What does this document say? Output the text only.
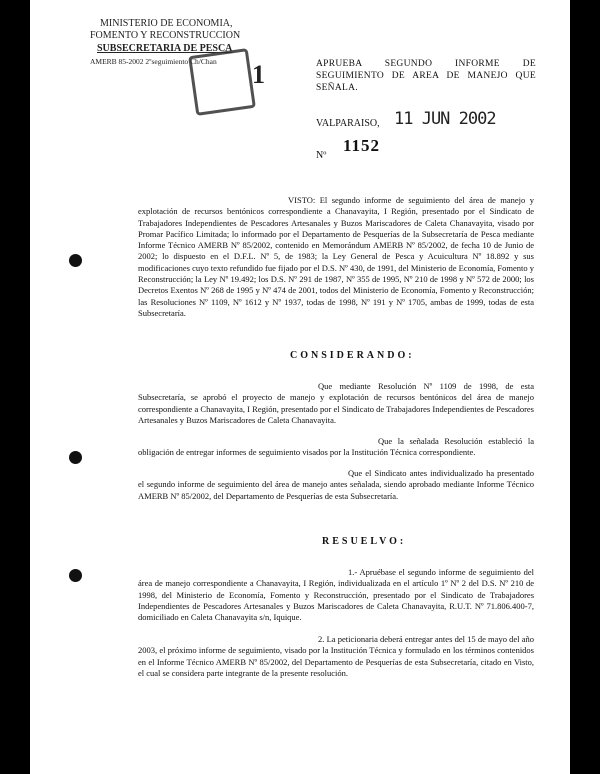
MINISTERIO DE ECONOMIA,
FOMENTO Y RECONSTRUCCION
SUBSECRETARIA DE PESCA
AMERB 85-2002 2ºseguimiento Ch/Chan 1	APRUEBA SEGUNDO INFORME DE SEGUIMIENTO DE AREA DE MANEJO QUE SEÑALA.
VALPARAISO, 11 JUN 2002
Nº
1152
VISTO: El segundo informe de seguimiento del área de manejo y explotación de recursos bentónicos correspondiente a Chanavayita, I Región, presentado por el Sindicato de Trabajadores Independientes de Pescadores Artesanales y Buzos Mariscadores de Caleta Chanavayita, visado por Promar Pacífico Limitada; lo informado por el Departamento de Pesquerías de la Subsecretaría de Pesca mediante Informe Técnico AMERB Nº 85/2002, contenido en Memorándum AMERB Nº 85/2002, de fecha 10 de Junio de 2002; lo dispuesto en el D.F.L. Nº 5, de 1983; la Ley General de Pesca y Acuicultura Nº 18.892 y sus modificaciones cuyo texto refundido fue fijado por el D.S. Nº 430, de 1991, del Ministerio de Economía, Fomento y Reconstrucción; la Ley Nº 19.492; los D.S. Nº 291 de 1987, Nº 355 de 1995, Nº 210 de 1998 y Nº 572 de 2000; los Decretos Exentos Nº 268 de 1995 y Nº 474 de 2001, todos del Ministerio de Economía, Fomento y Reconstrucción; las Resoluciones Nº 1109, Nº 1612 y Nº 1937, todas de 1998, Nº 191 y Nº 1705, ambas de 1999, todas de esta Subsecretaría.
CONSIDERANDO:
Que mediante Resolución Nº 1109 de 1998, de esta Subsecretaría, se aprobó el proyecto de manejo y explotación de recursos bentónicos del área de manejo correspondiente a Chanavayita, I Región, presentado por el Sindicato de Trabajadores Independientes de Pescadores Artesanales y Buzos Mariscadores de Caleta Chanavayita.
Que la señalada Resolución estableció la obligación de entregar informes de seguimiento visados por la Institución Técnica correspondiente.
Que el Sindicato antes individualizado ha presentado el segundo informe de seguimiento del área de manejo antes señalada, siendo aprobado mediante Informe Técnico AMERB Nº 85/2002, del Departamento de Pesquerías de esta Subsecretaría.
RESUELVO:
1.- Apruébase el segundo informe de seguimiento del área de manejo correspondiente a Chanavayita, I Región, individualizada en el artículo 1º Nº 2 del D.S. Nº 210 de 1998, del Ministerio de Economía, Fomento y Reconstrucción, presentado por el Sindicato de Trabajadores Independientes de Pescadores Artesanales y Buzos Mariscadores de Caleta Chanavayita, R.U.T. Nº 71.806.400-7, domiciliado en Caleta Chanavayita s/n, Iquique.
2. La peticionaria deberá entregar antes del 15 de mayo del año 2003, el próximo informe de seguimiento, visado por la Institución Técnica y formulado en los términos contenidos en el Informe Técnico AMERB Nº 85/2002, del Departamento de Pesquerías de esta Subsecretaría, citado en Visto, el cual se considera parte integrante de la presente resolución.
